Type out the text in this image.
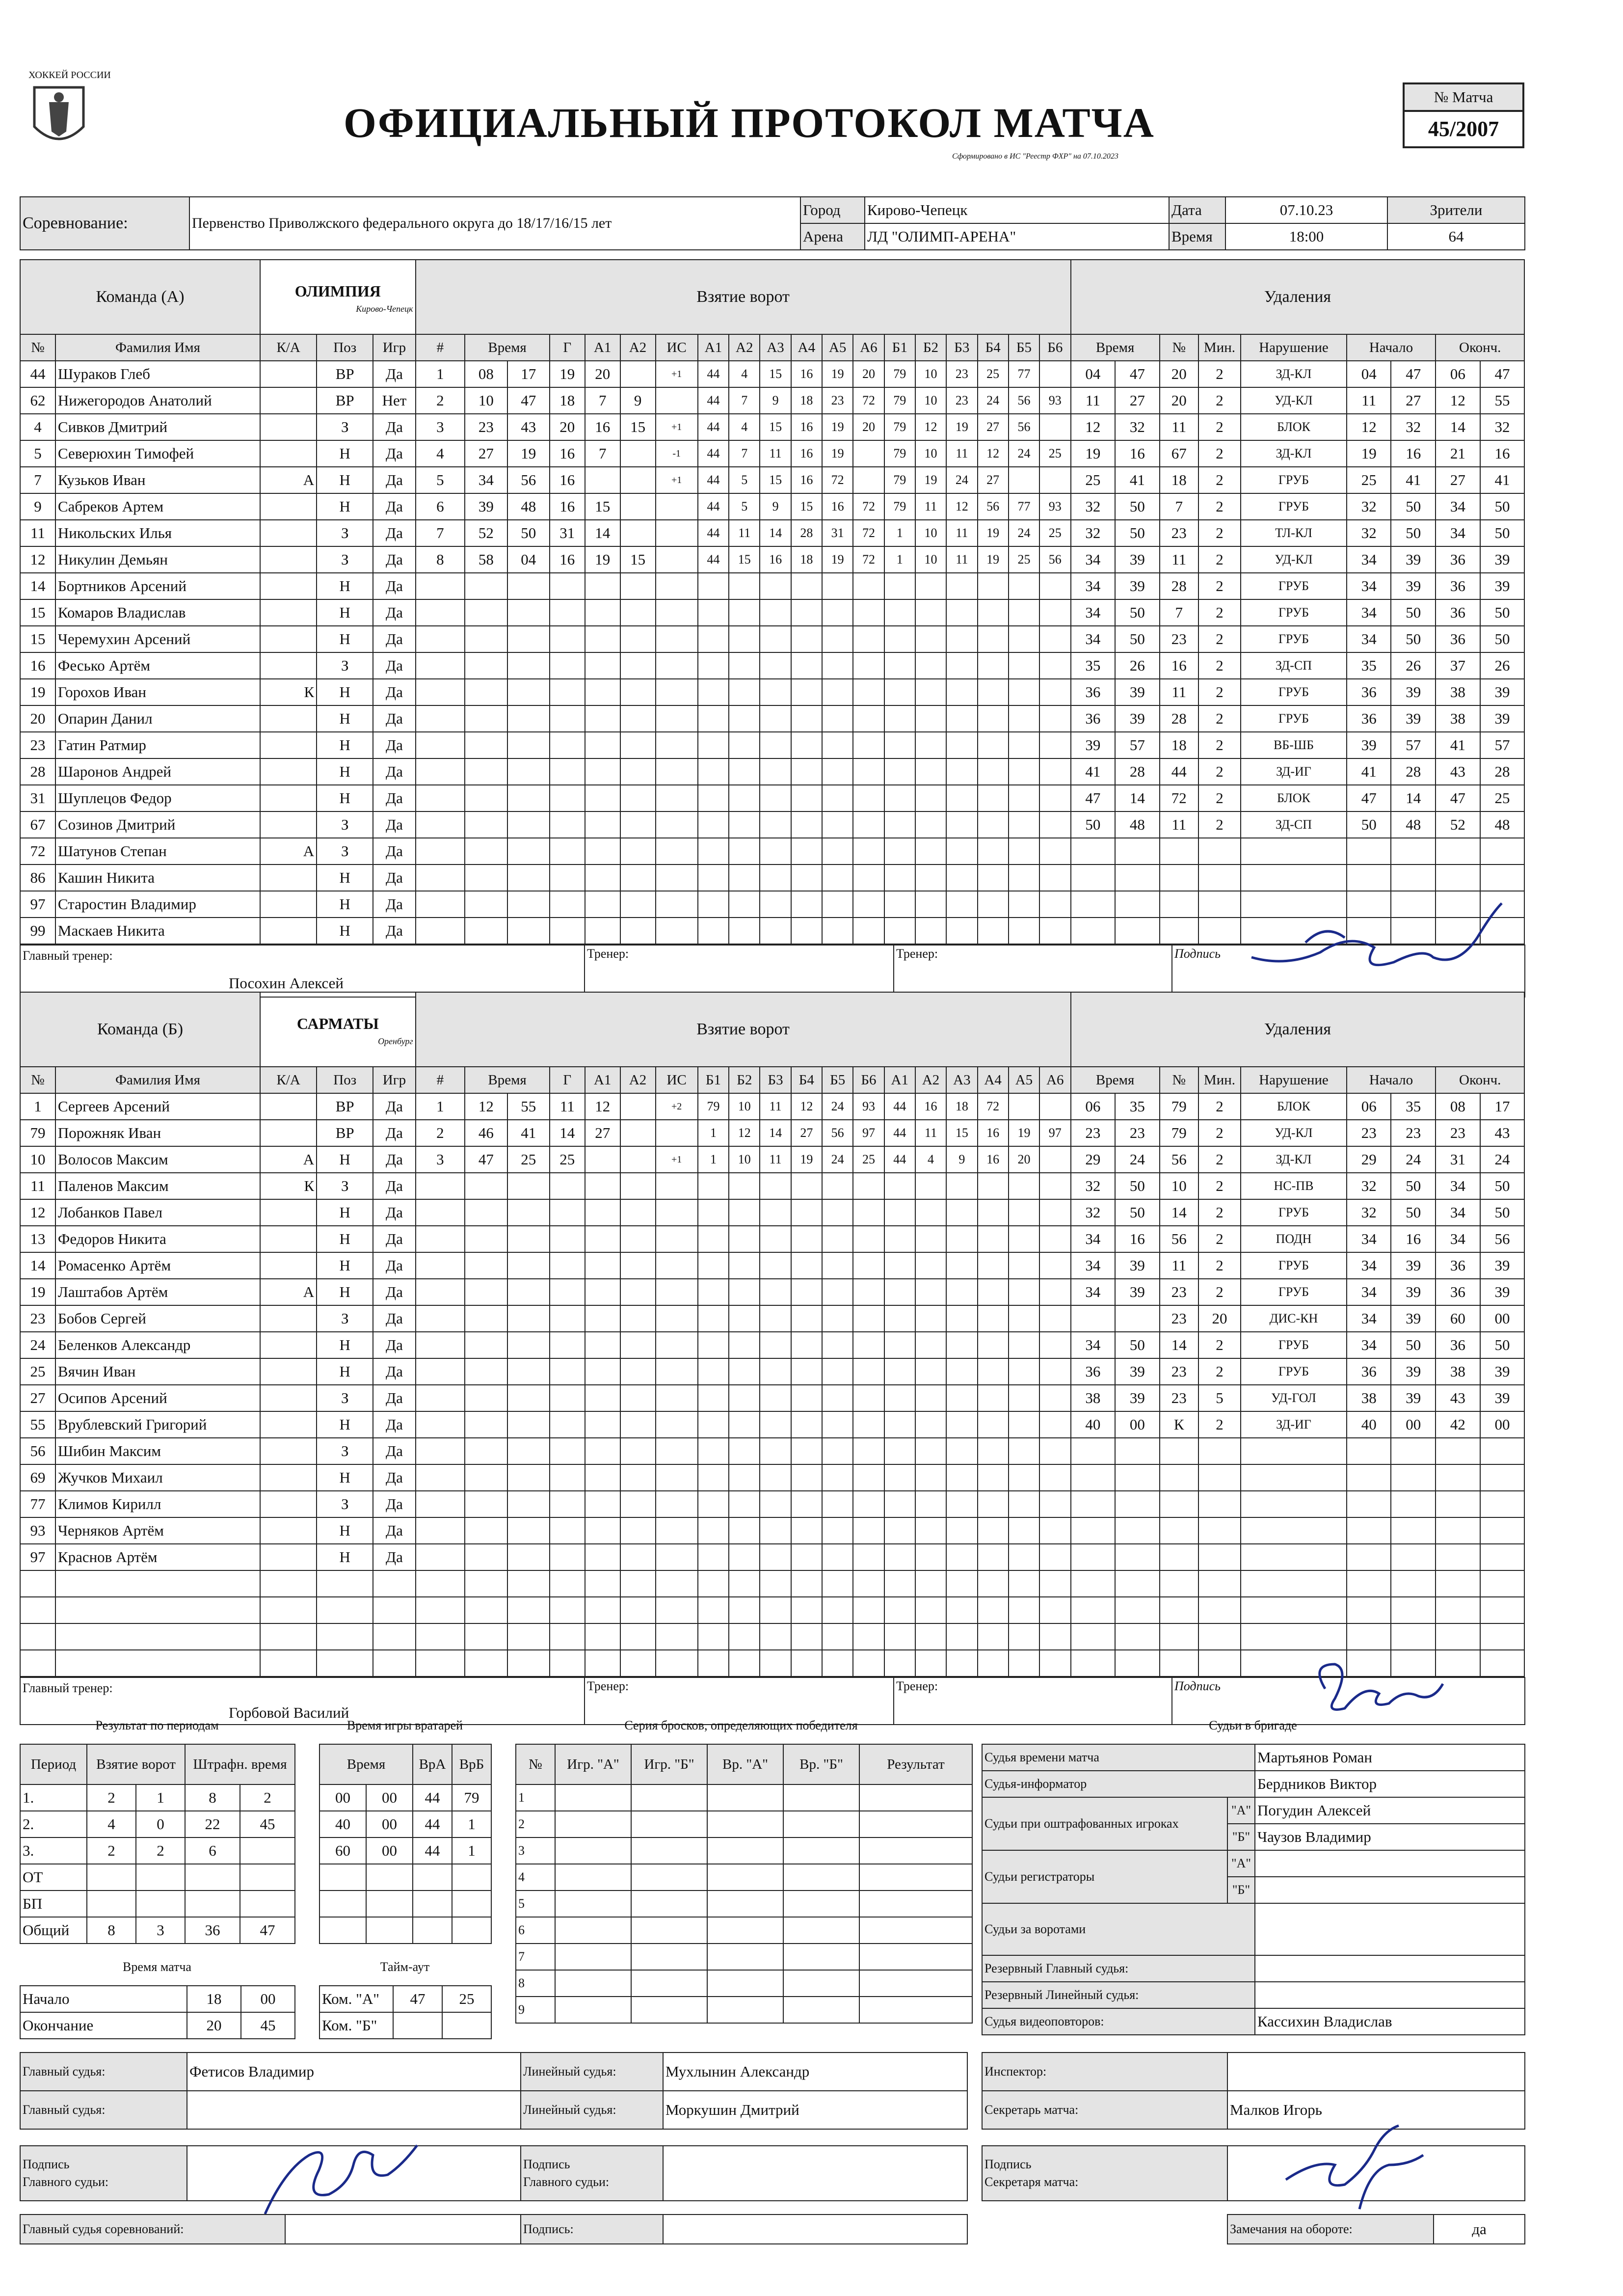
ХОККЕЙ РОССИИ
ОФИЦИАЛЬНЫЙ ПРОТОКОЛ МАТЧА
Сформировано в ИС "Реестр ФХР" на 07.10.2023
№ Матча
45/2007
Соревнование:	Первенство Приволжского федерального округа до 18/17/16/15 лет	Город	Кирово-Чепецк	Дата	07.10.23	Зрители
		Арена	ЛД "ОЛИМП-АРЕНА"	Время	18:00	64
Команда (А)		ОЛИМПИЯ
Кирово-Чепецк			Взятие ворот																			Удаления								
№	Фамилия Имя	К/А	Поз	Игр	#	Время		Г	А1	А2	ИС	А1	А2	А3	А4	А5	А6	Б1	Б2	Б3	Б4	Б5	Б6	Время		№	Мин.	Нарушение	Начало		Оконч.	
44	Шураков Глеб		ВР	Да	1	08	17	19	20		+1	44	4	15	16	19	20	79	10	23	25	77		04	47	20	2	ЗД-КЛ	04	47	06	47
62	Нижегородов Анатолий		ВР	Нет	2	10	47	18	7	9		44	7	9	18	23	72	79	10	23	24	56	93	11	27	20	2	УД-КЛ	11	27	12	55
4	Сивков Дмитрий		З	Да	3	23	43	20	16	15	+1	44	4	15	16	19	20	79	12	19	27	56		12	32	11	2	БЛОК	12	32	14	32
5	Северюхин Тимофей		Н	Да	4	27	19	16	7		-1	44	7	11	16	19		79	10	11	12	24	25	19	16	67	2	ЗД-КЛ	19	16	21	16
7	Кузьков Иван	А	Н	Да	5	34	56	16			+1	44	5	15	16	72		79	19	24	27			25	41	18	2	ГРУБ	25	41	27	41
9	Сабреков Артем		Н	Да	6	39	48	16	15			44	5	9	15	16	72	79	11	12	56	77	93	32	50	7	2	ГРУБ	32	50	34	50
11	Никольских Илья		З	Да	7	52	50	31	14			44	11	14	28	31	72	1	10	11	19	24	25	32	50	23	2	ТЛ-КЛ	32	50	34	50
12	Никулин Демьян		З	Да	8	58	04	16	19	15		44	15	16	18	19	72	1	10	11	19	25	56	34	39	11	2	УД-КЛ	34	39	36	39
14	Бортников Арсений		Н	Да																				34	39	28	2	ГРУБ	34	39	36	39
15	Комаров Владислав		Н	Да																				34	50	7	2	ГРУБ	34	50	36	50
15	Черемухин Арсений		Н	Да																				34	50	23	2	ГРУБ	34	50	36	50
16	Фесько Артём		З	Да																				35	26	16	2	ЗД-СП	35	26	37	26
19	Горохов Иван	К	Н	Да																				36	39	11	2	ГРУБ	36	39	38	39
20	Опарин Данил		Н	Да																				36	39	28	2	ГРУБ	36	39	38	39
23	Гатин Ратмир		Н	Да																				39	57	18	2	ВБ-ШБ	39	57	41	57
28	Шаронов Андрей		Н	Да																				41	28	44	2	ЗД-ИГ	41	28	43	28
31	Шуплецов Федор		Н	Да																				47	14	72	2	БЛОК	47	14	47	25
67	Созинов Дмитрий		З	Да																				50	48	11	2	ЗД-СП	50	48	52	48
72	Шатунов Степан	А	З	Да																												
86	Кашин Никита		Н	Да																												
97	Старостин Владимир		Н	Да																												
99	Маскаев Никита		Н	Да																												
Главный тренер:
Посохин Алексей
	Тренер:	Тренер:	Подпись
Команда (Б)		САРМАТЫ
Оренбург			Взятие ворот																			Удаления								
№	Фамилия Имя	К/А	Поз	Игр	#	Время		Г	А1	А2	ИС	Б1	Б2	Б3	Б4	Б5	Б6	А1	А2	А3	А4	А5	А6	Время		№	Мин.	Нарушение	Начало		Оконч.	
1	Сергеев Арсений		ВР	Да	1	12	55	11	12		+2	79	10	11	12	24	93	44	16	18	72			06	35	79	2	БЛОК	06	35	08	17
79	Порожняк Иван		ВР	Да	2	46	41	14	27			1	12	14	27	56	97	44	11	15	16	19	97	23	23	79	2	УД-КЛ	23	23	23	43
10	Волосов Максим	А	Н	Да	3	47	25	25			+1	1	10	11	19	24	25	44	4	9	16	20		29	24	56	2	ЗД-КЛ	29	24	31	24
11	Паленов Максим	К	З	Да																				32	50	10	2	НС-ПВ	32	50	34	50
12	Лобанков Павел		Н	Да																				32	50	14	2	ГРУБ	32	50	34	50
13	Федоров Никита		Н	Да																				34	16	56	2	ПОДН	34	16	34	56
14	Ромасенко Артём		Н	Да																				34	39	11	2	ГРУБ	34	39	36	39
19	Лаштабов Артём	А	Н	Да																				34	39	23	2	ГРУБ	34	39	36	39
23	Бобов Сергей		З	Да																						23	20	ДИС-КН	34	39	60	00
24	Беленков Александр		Н	Да																				34	50	14	2	ГРУБ	34	50	36	50
25	Вячин Иван		Н	Да																				36	39	23	2	ГРУБ	36	39	38	39
27	Осипов Арсений		З	Да																				38	39	23	5	УД-ГОЛ	38	39	43	39
55	Врублевский Григорий		Н	Да																				40	00	К	2	ЗД-ИГ	40	00	42	00
56	Шибин Максим		З	Да																												
69	Жучков Михаил		Н	Да																												
77	Климов Кирилл		З	Да																												
93	Черняков Артём		Н	Да																												
97	Краснов Артём		Н	Да																												

Главный тренер:
Горбовой Василий
	Тренер:	Тренер:	Подпись
Результат по периодам
Период	Взятие ворот		Штрафн. время	
1.	2	1	8	2
2.	4	0	22	45
3.	2	2	6	
ОТ				
БП				
Общий	8	3	36	47
Время матча
Начало	18	00
Окончание	20	45
Время игры вратарей
Время		ВрА	ВрБ
00	00	44	79
40	00	44	1
60	00	44	1

Тайм-аут
Ком. "А"	47	25
Ком. "Б"		
Серия бросков, определяющих победителя
№	Игр. "А"	Игр. "Б"	Вр. "А"	Вр. "Б"	Результат
1					
2					
3					
4					
5					
6					
7					
8					
9					
Судьи в бригаде
Судья времени матча		Мартьянов Роман
Судья-информатор		Бердников Виктор
Судьи при оштрафованных игроках	"А"	Погудин Алексей
	"Б"	Чаузов Владимир
Судьи регистраторы	"А"	
	"Б"	
Судьи за воротами		
Резервный Главный судья:		
Резервный Линейный судья:		
Судья видеоповторов:		Кассихин Владислав
Главный судья:	Фетисов Владимир	Линейный судья:	Мухлынин Александр
Главный судья:		Линейный судья:	Моркушин Дмитрий
Инспектор:	
Секретарь матча:	Малков Игорь
Подпись
Главного судьи:

Подпись
Главного судьи:

Подпись
Секретаря матча:

Главный судья соревнований:		Подпись:		Замечания на обороте:	да
